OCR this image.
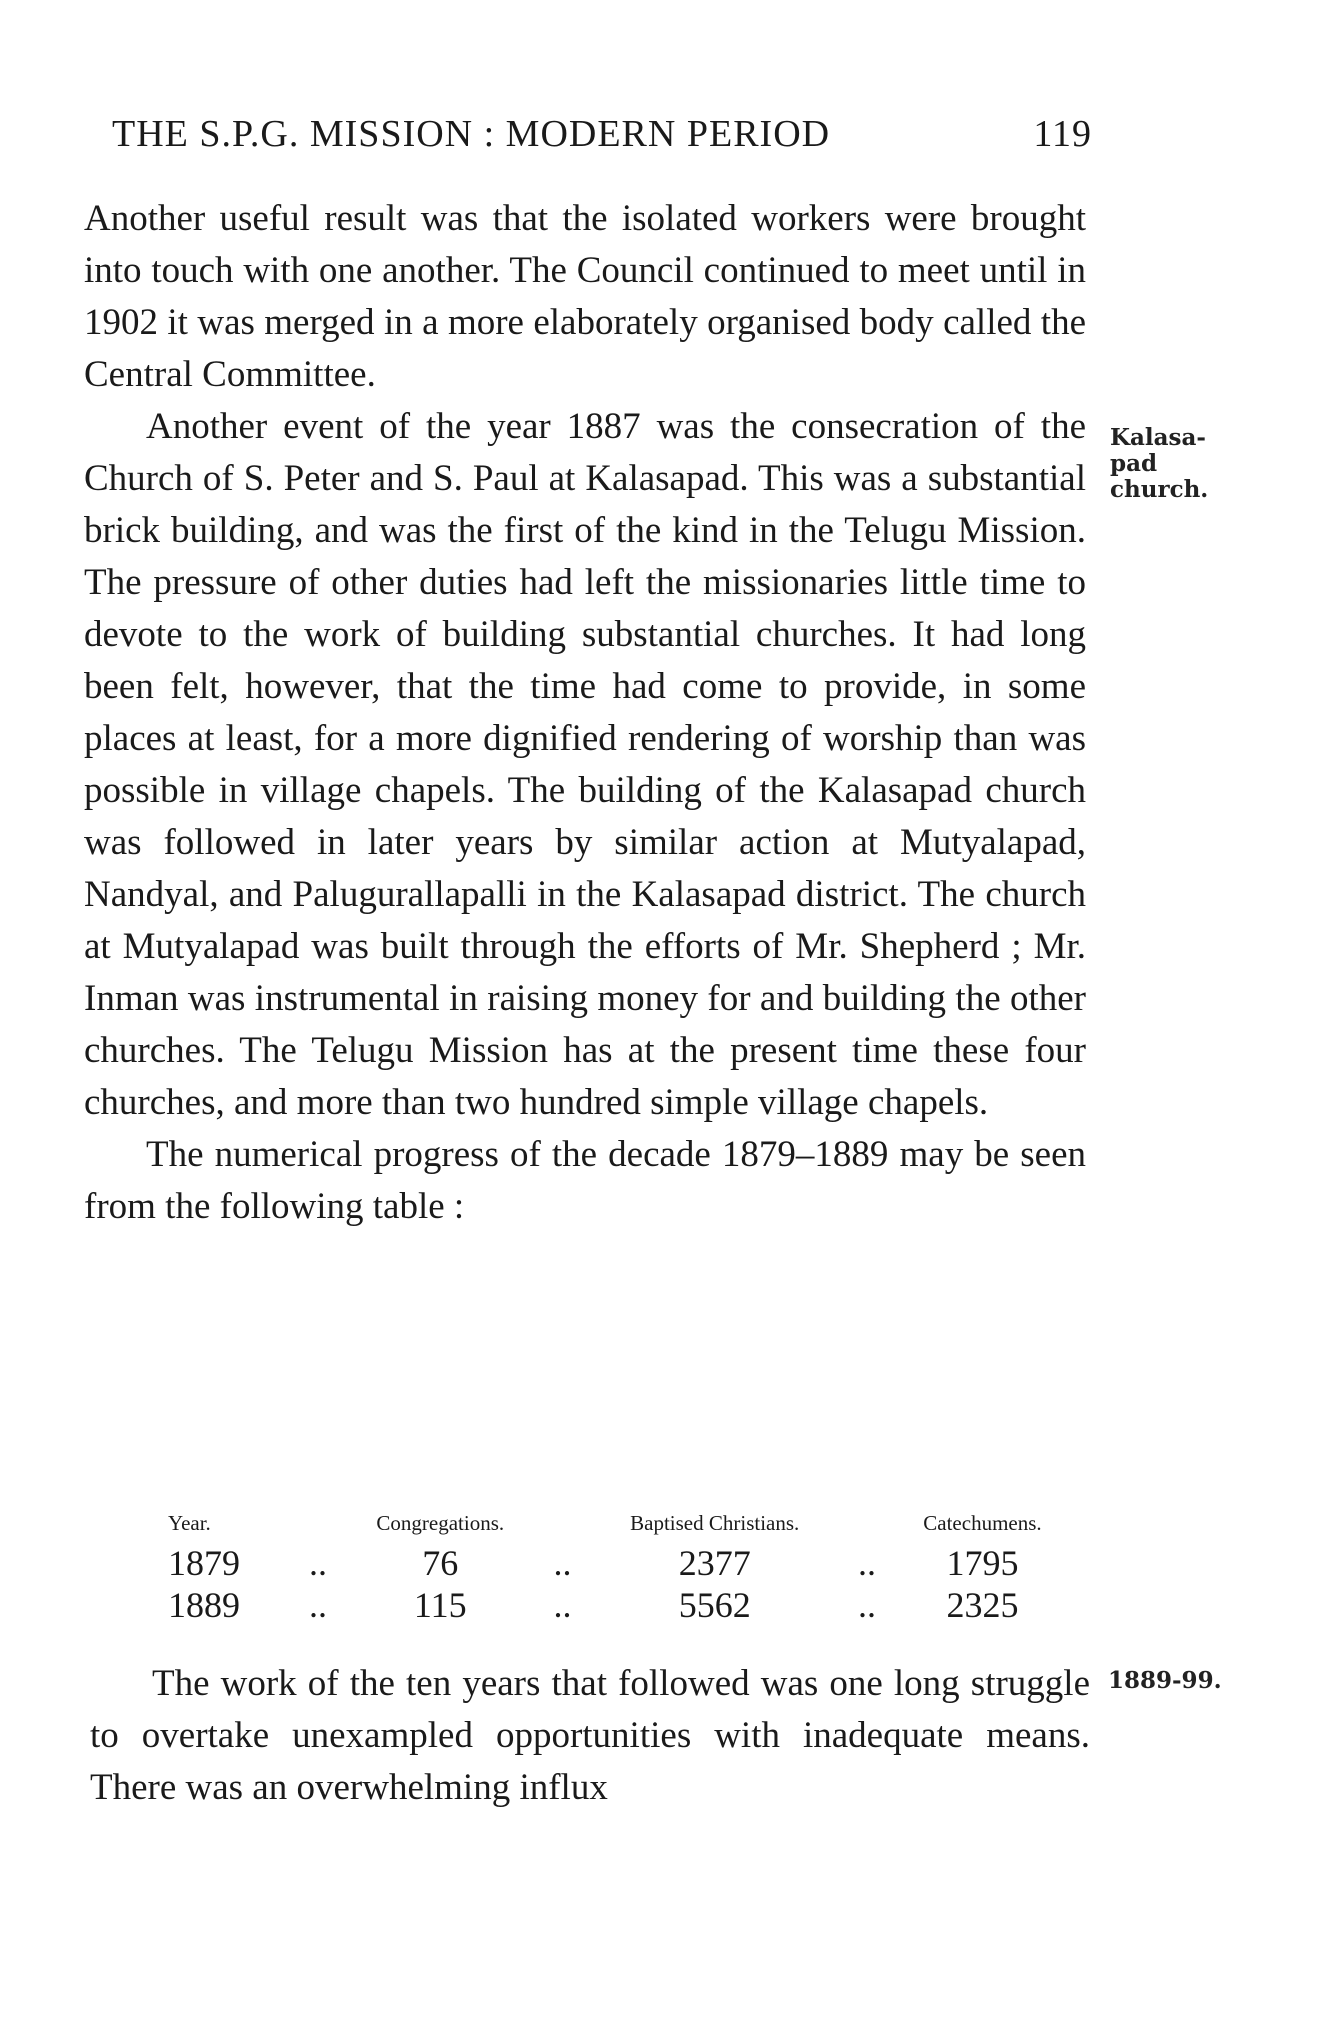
THE S.P.G. MISSION : MODERN PERIOD	119

Another useful result was that the isolated workers were brought into touch with one another. The Council continued to meet until in 1902 it was merged in a more elaborately organised body called the Central Committee.

Another event of the year 1887 was the consecration of the Church of S. Peter and S. Paul at Kalasapad. This was a substantial brick building, and was the first of the kind in the Telugu Mission. The pressure of other duties had left the missionaries little time to devote to the work of building substantial churches. It had long been felt, however, that the time had come to provide, in some places at least, for a more dignified rendering of worship than was possible in village chapels. The building of the Kalasapad church was followed in later years by similar action at Mutyalapad, Nandyal, and Palugurallapalli in the Kalasapad district. The church at Mutyalapad was built through the efforts of Mr. Shepherd ; Mr. Inman was instrumental in raising money for and building the other churches. The Telugu Mission has at the present time these four churches, and more than two hundred simple village chapels.

The numerical progress of the decade 1879–1889 may be seen from the following table :

Kalasa-pad church.
Year.		Congregations.		Baptised Christians.		Catechumens.

1879	..	76	..	2377	..	1795
1889	..	115	..	5562	..	2325

The work of the ten years that followed was one long struggle to overtake unexampled opportunities with inadequate means. There was an overwhelming influx

1889-99.
